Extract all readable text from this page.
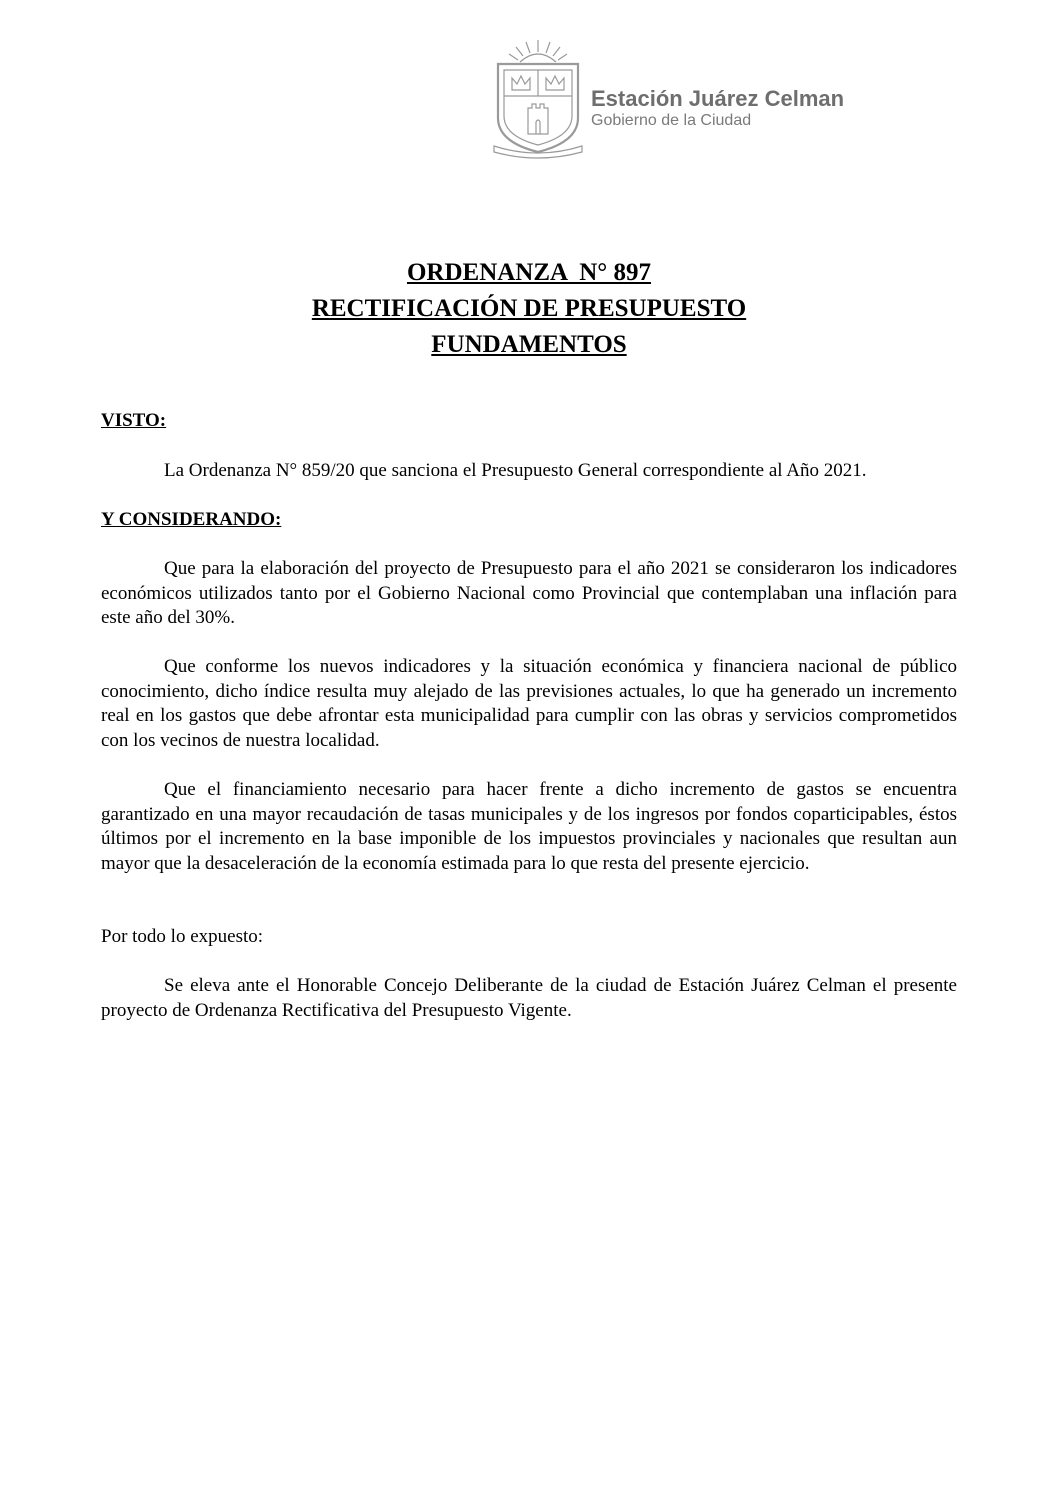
Estación Juárez Celman
Gobierno de la Ciudad
ORDENANZA  N° 897
RECTIFICACIÓN DE PRESUPUESTO
FUNDAMENTOS
VISTO:
La Ordenanza N° 859/20 que sanciona el Presupuesto General correspondiente al Año 2021.
Y CONSIDERANDO:
Que para la elaboración del proyecto de Presupuesto para el año 2021 se consideraron los indicadores económicos utilizados tanto por el Gobierno Nacional como Provincial que contemplaban una inflación para este año del 30%.
Que conforme los nuevos indicadores y la situación económica y financiera nacional de público conocimiento, dicho índice resulta muy alejado de las previsiones actuales, lo que ha generado un incremento real en los gastos que debe afrontar esta municipalidad para cumplir con las obras y servicios comprometidos con los vecinos de nuestra localidad.
Que el financiamiento necesario para hacer frente a dicho incremento de gastos se encuentra garantizado en una mayor recaudación de tasas municipales y de los ingresos por fondos coparticipables, éstos últimos por el incremento en la base imponible de los impuestos provinciales y nacionales que resultan aun mayor que la desaceleración de la economía estimada para lo que resta del presente ejercicio.
Por todo lo expuesto:
Se eleva ante el Honorable Concejo Deliberante de la ciudad de Estación Juárez Celman el presente proyecto de Ordenanza Rectificativa del Presupuesto Vigente.
